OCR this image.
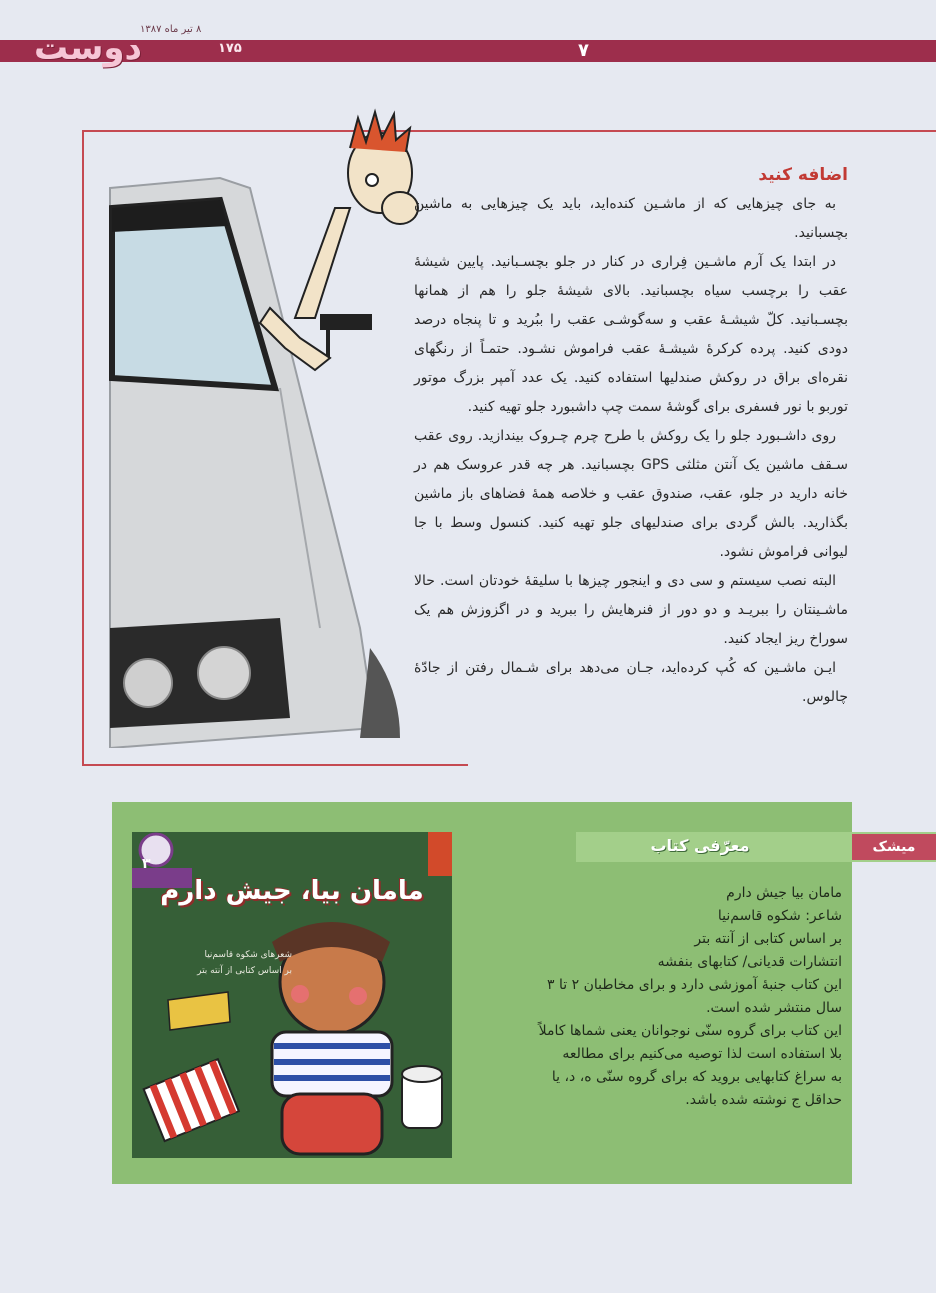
دوست
۸ تیر ماه ۱۳۸۷
۱۷۵	۷
اضافه کنید

به جای چیزهایی که از ماشـین کنده‌اید، باید یک چیزهایی به ماشین بچسبانید.

در ابتدا یک آرم ماشـین فِراری در کنار در جلو بچسـبانید. پایین شیشهٔ عقب را برچسب سیاه بچسبانید. بالای شیشهٔ جلو را هم از همانها بچسـبانید. کلّ شیشـهٔ عقب و سه‌گوشـی عقب را ببُرید و تا پنجاه درصد دودی کنید. پرده کرکرهٔ شیشـهٔ عقب فراموش نشـود. حتمـاً از رنگهای نقره‌ای براق در روکش صندلیها استفاده کنید. یک عدد آمپر بزرگ موتور توربو با نور فسفری برای گوشهٔ سمت چپ داشبورد جلو تهیه کنید.

روی داشـبورد جلو را یک روکش با طرح چرم چـروک بیندازید. روی عقب سـقف ماشین یک آنتن مثلثی GPS بچسبانید. هر چه قدر عروسک هم در خانه دارید در جلو، عقب، صندوق عقب و خلاصه همهٔ فضاهای باز ماشین بگذارید. بالش گردی برای صندلیهای جلو تهیه کنید. کنسول وسط با جا لیوانی فراموش نشود.

البته نصب سیستم و سی دی و اینجور چیزها با سلیقهٔ خودتان است. حالا ماشـینتان را ببریـد و دو دور از فنرهایش را ببرید و در اگزوزش هم یک سوراخ ریز ایجاد کنید.

ایـن ماشـین که کُپ کرده‌اید، جـان می‌دهد برای شـمال رفتن از جادّهٔ چالوس.

۳
مامان بیا، جیش دارم
شعرهای شکوه قاسم‌نیا
بر اساس کتابی از آنته بتر
میشک
معرّفی کتاب
مامان بیا جیش دارم
شاعر: شکوه قاسم‌نیا
بر اساس کتابی از آنته بتر
انتشارات قدیانی/ کتابهای بنفشه
این کتاب جنبهٔ آموزشی دارد و برای مخاطبان ۲ تا ۳
سال منتشر شده است.
این کتاب برای گروه سنّی نوجوانان یعنی شماها کاملاً
بلا استفاده است لذا توصیه می‌کنیم برای مطالعه
به سراغ کتابهایی بروید که برای گروه سنّی ه، د، یا
حداقل ج نوشته شده باشد.
